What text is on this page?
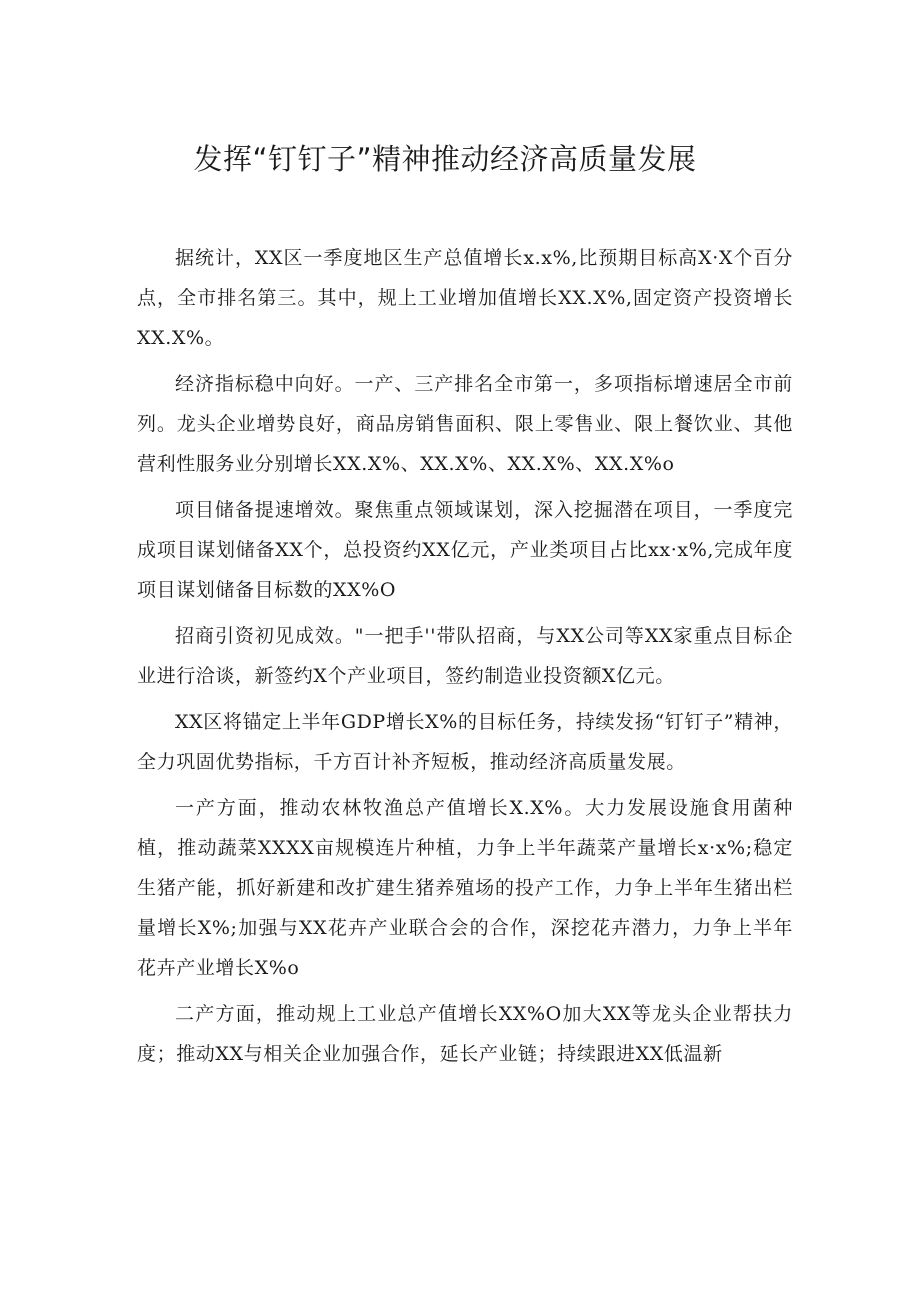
发挥“钉钉子”精神推动经济高质量发展

据统计，XX区一季度地区生产总值增长x.x%,比预期目标高X·X个百分点，全市排名第三。其中，规上工业增加值增长XX.X%,固定资产投资增长XX.X%。

经济指标稳中向好。一产、三产排名全市第一，多项指标增速居全市前列。龙头企业增势良好，商品房销售面积、限上零售业、限上餐饮业、其他营利性服务业分别增长XX.X%、XX.X%、XX.X%、XX.X%o

项目储备提速增效。聚焦重点领域谋划，深入挖掘潜在项目，一季度完成项目谋划储备XX个，总投资约XX亿元，产业类项目占比xx·x%,完成年度项目谋划储备目标数的XX%O

招商引资初见成效。"一把手''带队招商，与XX公司等XX家重点目标企业进行洽谈，新签约X个产业项目，签约制造业投资额X亿元。

XX区将锚定上半年GDP增长X%的目标任务，持续发扬“钉钉子”精神，全力巩固优势指标，千方百计补齐短板，推动经济高质量发展。

一产方面，推动农林牧渔总产值增长X.X%。大力发展设施食用菌种植，推动蔬菜XXXX亩规模连片种植，力争上半年蔬菜产量增长x·x%;稳定生猪产能，抓好新建和改扩建生猪养殖场的投产工作，力争上半年生猪出栏量增长X%;加强与XX花卉产业联合会的合作，深挖花卉潜力，力争上半年花卉产业增长X%o

二产方面，推动规上工业总产值增长XX%O加大XX等龙头企业帮扶力度；推动XX与相关企业加强合作，延长产业链；持续跟进XX低温新
